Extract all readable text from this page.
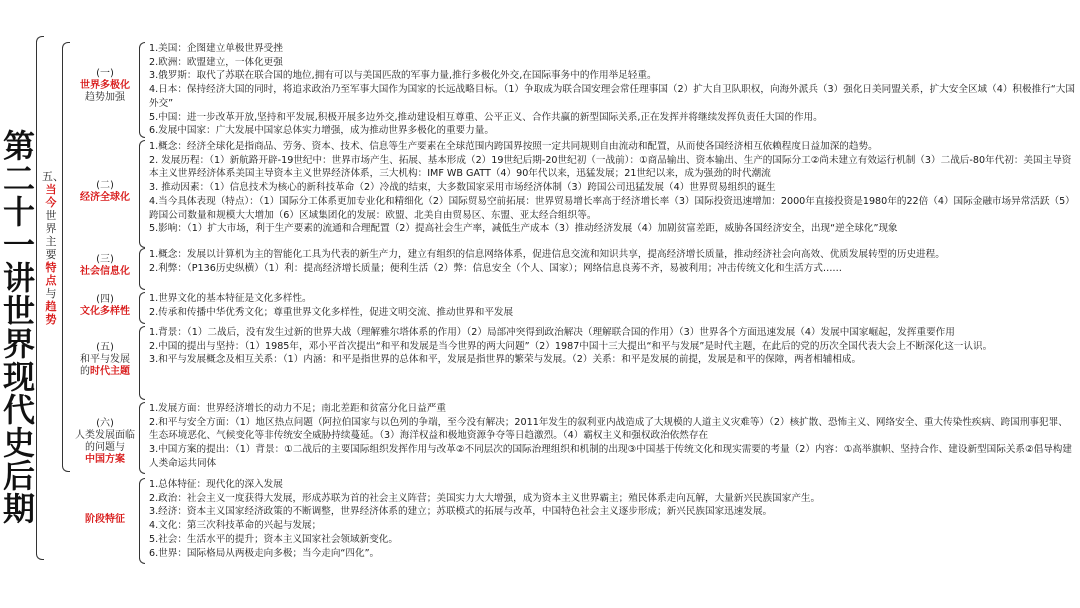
第二十一讲 世界现代史后期
五、当今世界主要特点与趋势
(一)
世界多极化
趋势加强
(二)
经济全球化
(三)
社会信息化
(四)
文化多样性
(五)
和平与发展
的时代主题
(六)
人类发展面临的问题与
中国方案
阶段特征
1.美国：企图建立单极世界受挫
2.欧洲：欧盟建立，一体化更强
3.俄罗斯：取代了苏联在联合国的地位,拥有可以与美国匹敌的军事力量,推行多极化外交,在国际事务中的作用举足轻重。
4.日本：保持经济大国的同时，将追求政治乃至军事大国作为国家的长远战略目标。（1）争取成为联合国安理会常任理事国（2）扩大自卫队职权，向海外派兵（3）强化日美同盟关系，扩大安全区域（4）积极推行“大国外交”
5.中国：进一步改革开放,坚持和平发展,积极开展多边外交,推动建设相互尊重、公平正义、合作共赢的新型国际关系,正在发挥并将继续发挥负责任大国的作用。
6.发展中国家：广大发展中国家总体实力增强，成为推动世界多极化的重要力量。
1.概念：经济全球化是指商品、劳务、资本、技术、信息等生产要素在全球范围内跨国界按照一定共同规则自由流动和配置，从而使各国经济相互依赖程度日益加深的趋势。
2. 发展历程：（1）新航路开辟-19世纪中：世界市场产生、拓展、基本形成（2）19世纪后期-20世纪初（一战前）：①商品输出、资本输出、生产的国际分工②尚未建立有效运行机制（3）二战后-80年代初：美国主导资本主义世界经济体系美国主导资本主义世界经济体系，三大机构：IMF WB GATT（4）90年代以来，迅猛发展；21世纪以来，成为强劲的时代潮流
3. 推动因素：（1）信息技术为核心的新科技革命（2）冷战的结束，大多数国家采用市场经济体制（3）跨国公司迅猛发展（4）世界贸易组织的诞生
4.当今具体表现（特点）：（1）国际分工体系更加专业化和精细化（2）国际贸易空前拓展：世界贸易增长率高于经济增长率（3）国际投资迅速增加：2000年直接投资是1980年的22倍（4）国际金融市场异常活跃（5）跨国公司数量和规模大大增加（6）区域集团化的发展：欧盟、北美自由贸易区、东盟、亚太经合组织等。
5.影响：（1）扩大市场，利于生产要素的流通和合理配置（2）提高社会生产率，减低生产成本（3）推动经济发展（4）加剧贫富差距，威胁各国经济安全，出现“逆全球化”现象
1.概念：发展以计算机为主的智能化工具为代表的新生产力，建立有组织的信息网络体系，促进信息交流和知识共享，提高经济增长质量，推动经济社会向高效、优质发展转型的历史进程。
2.利弊：（P136历史纵横）（1）利：提高经济增长质量；便利生活（2）弊：信息安全（个人、国家）；网络信息良莠不齐，易被利用；冲击传统文化和生活方式……
1.世界文化的基本特征是文化多样性。
2.传承和传播中华优秀文化；尊重世界文化多样性，促进文明交流、推动世界和平发展
1.背景：（1）二战后，没有发生过新的世界大战（理解雅尔塔体系的作用）（2）局部冲突得到政治解决（理解联合国的作用）（3）世界各个方面迅速发展（4）发展中国家崛起，发挥重要作用
2.中国的提出与坚持：（1）1985年，邓小平首次提出“和平和发展是当今世界的两大问题”（2）1987中国十三大提出“和平与发展”是时代主题，在此后的党的历次全国代表大会上不断深化这一认识。
3.和平与发展概念及相互关系：（1）内涵：和平是指世界的总体和平，发展是指世界的繁荣与发展。（2）关系：和平是发展的前提，发展是和平的保障，两者相辅相成。
1.发展方面：世界经济增长的动力不足；南北差距和贫富分化日益严重
2.和平与安全方面：（1）地区热点问题（阿拉伯国家与以色列的争端，至今没有解决；2011年发生的叙利亚内战造成了大规模的人道主义灾难等）（2）核扩散、恐怖主义、网络安全、重大传染性疾病、跨国刑事犯罪、生态环境恶化、气候变化等非传统安全威胁持续蔓延。（3）海洋权益和极地资源争夺等日趋激烈。（4）霸权主义和强权政治依然存在
3.中国方案的提出：（1）背景：①二战后的主要国际组织发挥作用与改革②不同层次的国际治理组织和机制的出现③中国基于传统文化和现实需要的考量（2）内容：①高举旗帜、坚持合作、建设新型国际关系②倡导构建人类命运共同体
1.总体特征：现代化的深入发展
2.政治：社会主义一度获得大发展，形成苏联为首的社会主义阵营；美国实力大大增强，成为资本主义世界霸主；殖民体系走向瓦解，大量新兴民族国家产生。
3.经济：资本主义国家经济政策的不断调整，世界经济体系的建立；苏联模式的拓展与改革，中国特色社会主义逐步形成；新兴民族国家迅速发展。
4.文化：第三次科技革命的兴起与发展；
5.社会：生活水平的提升；资本主义国家社会领域新变化。
6.世界：国际格局从两极走向多极；当今走向“四化”。
